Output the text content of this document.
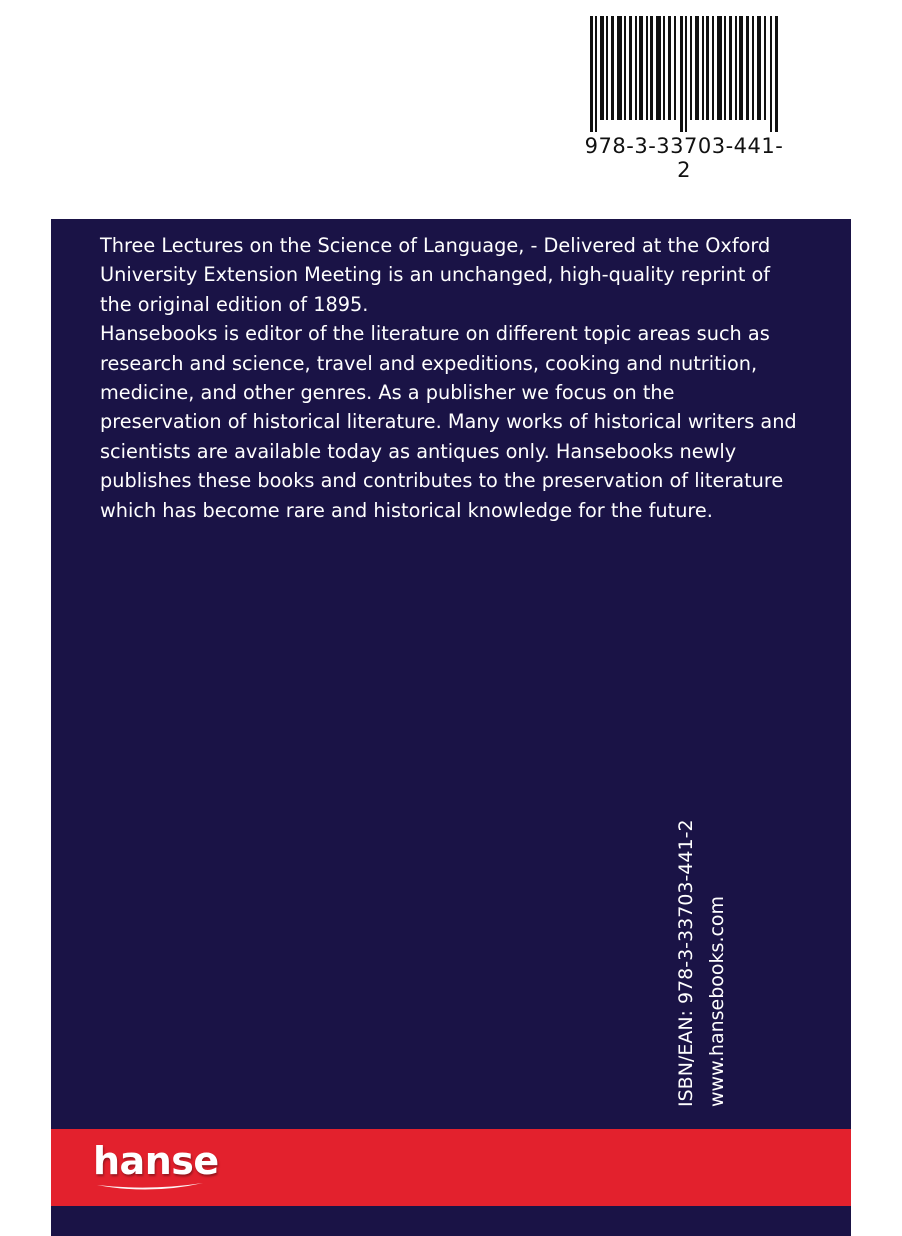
978-3-33703-441-2

Three Lectures on the Science of Language, - Delivered at the Oxford University Extension Meeting is an unchanged, high-quality reprint of the original edition of 1895.

Hansebooks is editor of the literature on different topic areas such as research and science, travel and expeditions, cooking and nutrition, medicine, and other genres. As a publisher we focus on the preservation of historical literature. Many works of historical writers and scientists are available today as antiques only. Hansebooks newly publishes these books and contributes to the preservation of literature which has become rare and historical knowledge for the future.

ISBN/EAN: 978-3-33703-441-2 www.hansebooks.com
hanse
